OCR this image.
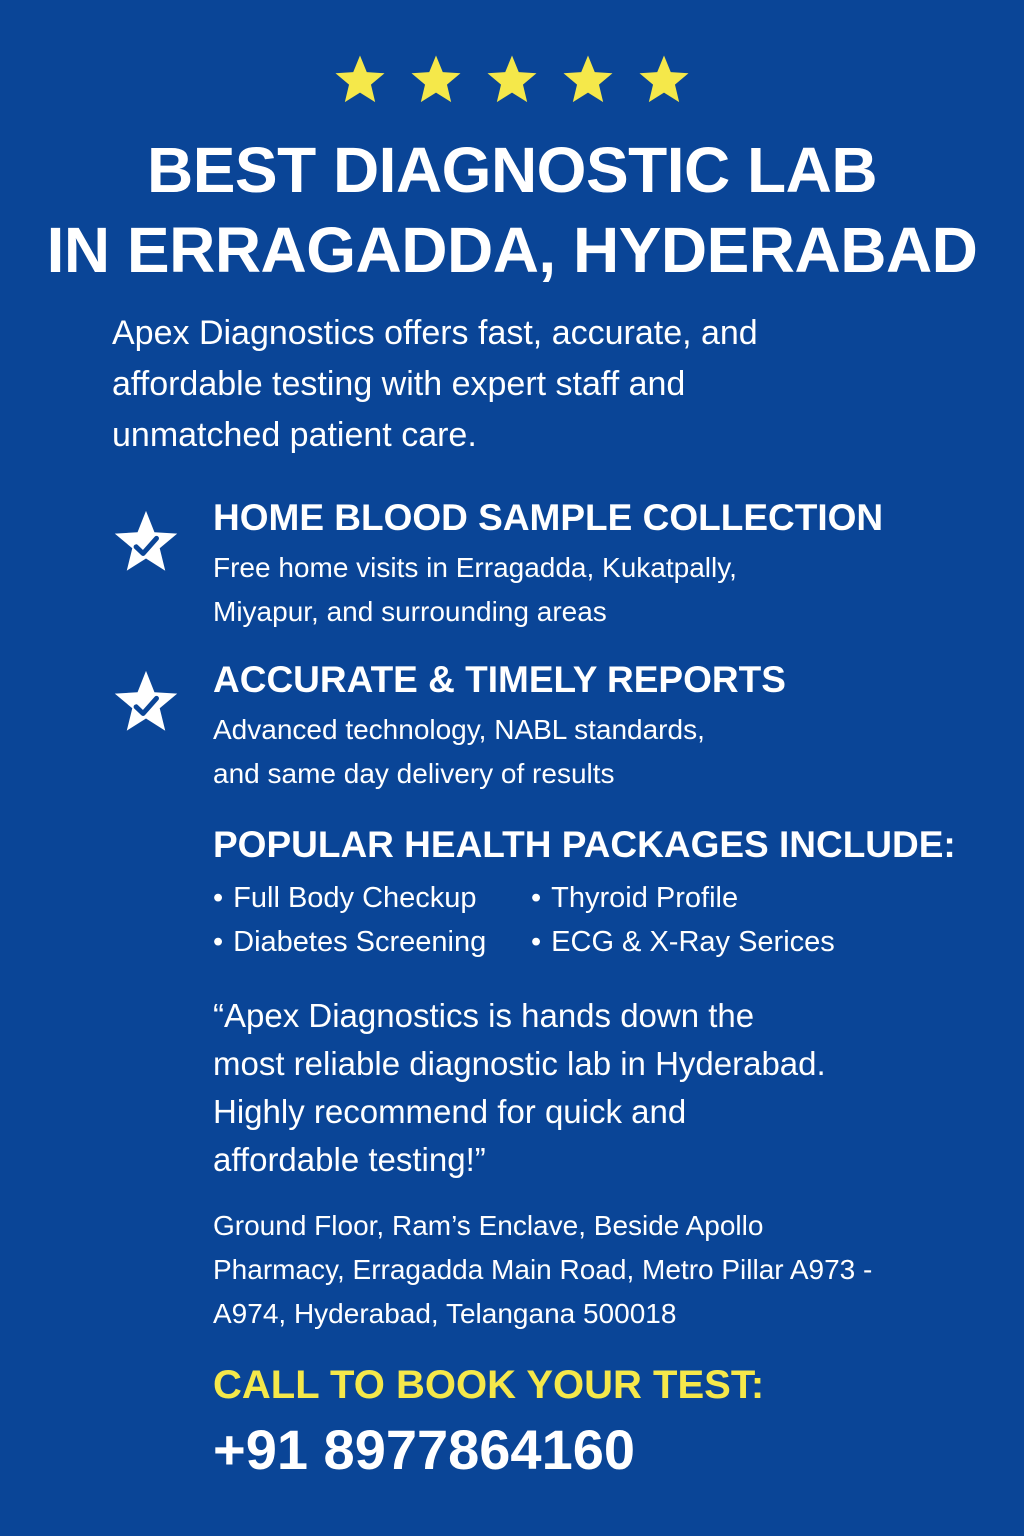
BEST DIAGNOSTIC LAB
IN ERRAGADDA, HYDERABAD

Apex Diagnostics offers fast, accurate, and
affordable testing with expert staff and
unmatched patient care.

HOME BLOOD SAMPLE COLLECTION
Free home visits in Erragadda, Kukatpally,
Miyapur, and surrounding areas
ACCURATE & TIMELY REPORTS
Advanced technology, NABL standards,
and same day delivery of results
POPULAR HEALTH PACKAGES INCLUDE:
• Full Body Checkup	• Thyroid Profile
• Diabetes Screening	• ECG & X-Ray Serices
“Apex Diagnostics is hands down the
most reliable diagnostic lab in Hyderabad.
Highly recommend for quick and
affordable testing!”
Ground Floor, Ram’s Enclave, Beside Apollo
Pharmacy, Erragadda Main Road, Metro Pillar A973 -
A974, Hyderabad, Telangana 500018

CALL TO BOOK YOUR TEST:

+91 8977864160
